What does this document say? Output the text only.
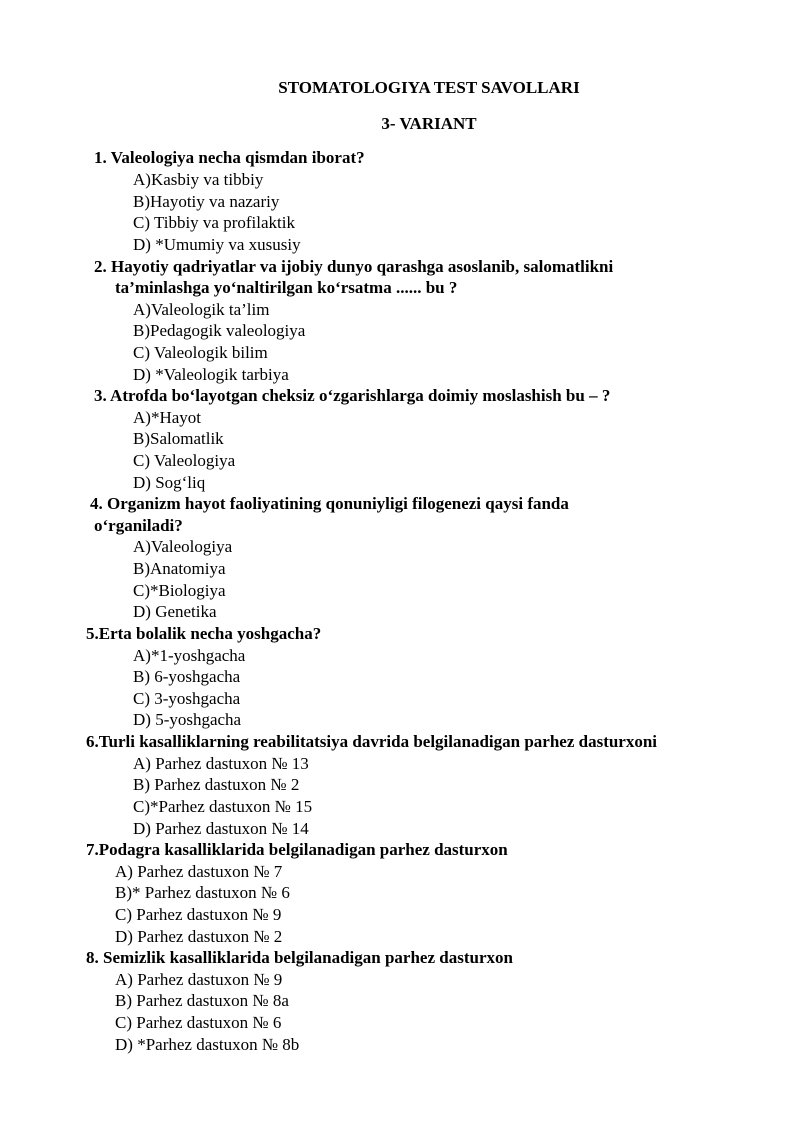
STOMATOLOGIYA TEST SAVOLLARI
3- VARIANT
1. Valeologiya necha qismdan iborat?
A)Kasbiy va tibbiy
B)Hayotiy va nazariy
C) Tibbiy va profilaktik
D) *Umumiy va xususiy
2. Hayotiy qadriyatlar va ijobiy dunyo qarashga asoslanib, salomatlikni
ta’minlashga yo‘naltirilgan ko‘rsatma ...... bu ?
A)Valeologik ta’lim
B)Pedagogik valeologiya
C) Valeologik bilim
D) *Valeologik tarbiya
3. Atrofda bo‘layotgan cheksiz o‘zgarishlarga doimiy moslashish bu – ?
A)*Hayot
B)Salomatlik
C) Valeologiya
D) Sog‘liq
4. Organizm hayot faoliyatining qonuniyligi filogenezi qaysi fanda
o‘rganiladi?
A)Valeologiya
B)Anatomiya
C)*Biologiya
D) Genetika
5.Erta bolalik necha yoshgacha?
A)*1-yoshgacha
B) 6-yoshgacha
C) 3-yoshgacha
D) 5-yoshgacha
6.Turli kasalliklarning reabilitatsiya davrida belgilanadigan parhez dasturxoni
A) Parhez dastuxon № 13
B) Parhez dastuxon № 2
C)*Parhez dastuxon № 15
D) Parhez dastuxon № 14
7.Podagra kasalliklarida belgilanadigan parhez dasturxon
A) Parhez dastuxon № 7
B)* Parhez dastuxon № 6
C) Parhez dastuxon № 9
D) Parhez dastuxon № 2
8. Semizlik kasalliklarida belgilanadigan parhez dasturxon
A) Parhez dastuxon № 9
B) Parhez dastuxon № 8a
C) Parhez dastuxon № 6
D) *Parhez dastuxon № 8b
